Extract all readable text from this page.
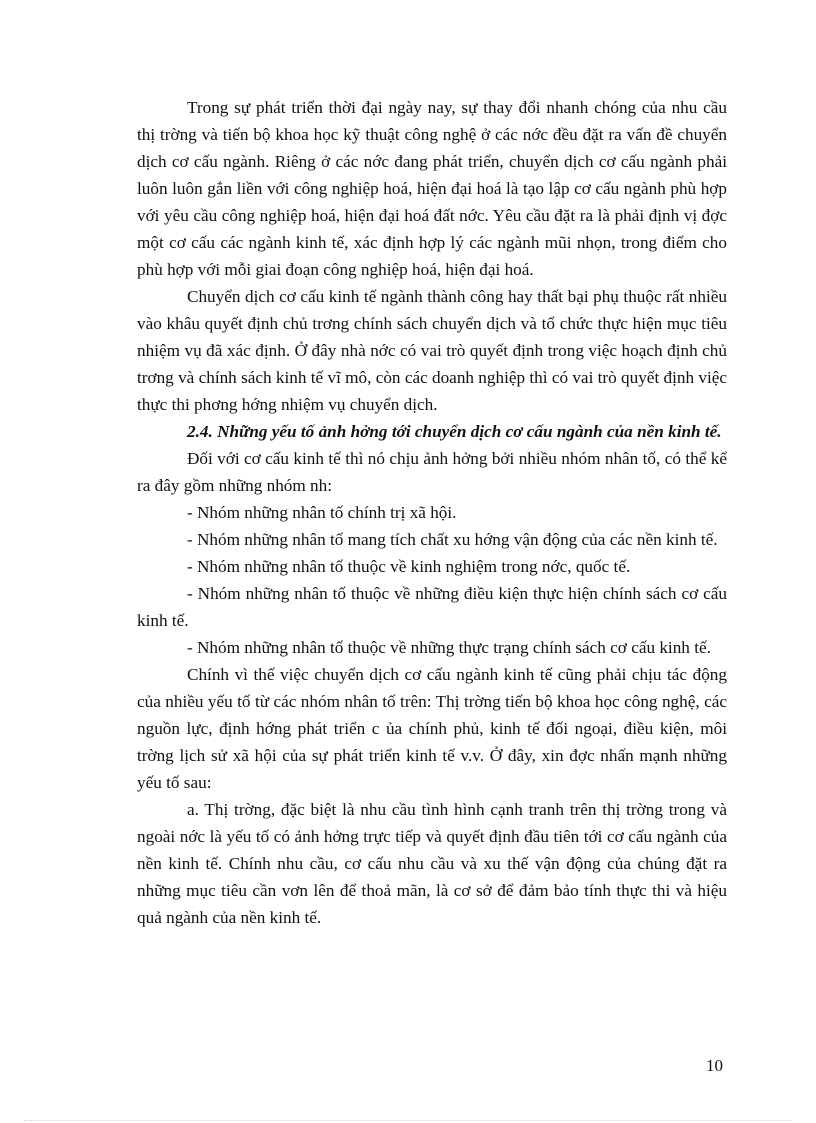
Trong sự phát triển thời đại ngày nay, sự thay đổi nhanh chóng của nhu cầu thị trờng và tiến bộ khoa học kỹ thuật công nghệ ở các nớc đều đặt ra vấn đề chuyển dịch cơ cấu ngành. Riêng ở các nớc đang phát triển, chuyển dịch cơ cấu ngành phải luôn luôn gắn liền với công nghiệp hoá, hiện đại hoá là tạo lập cơ cấu ngành phù hợp với yêu cầu công nghiệp hoá, hiện đại hoá đất nớc. Yêu cầu đặt ra là phải định vị đợc một cơ cấu các ngành kinh tế, xác định hợp lý các ngành mũi nhọn, trong điểm cho phù hợp với mỗi giai đoạn công nghiệp hoá, hiện đại hoá.

Chuyển dịch cơ cấu kinh tế ngành thành công hay thất bại phụ thuộc rất nhiều vào khâu quyết định chủ trơng chính sách chuyển dịch và tổ chức thực hiện mục tiêu nhiệm vụ đã xác định. Ở đây nhà nớc có vai trò quyết định trong việc hoạch định chủ trơng và chính sách kinh tế vĩ mô, còn các doanh nghiệp thì có vai trò quyết định việc thực thi phơng hớng nhiệm vụ chuyển dịch.

2.4. Những yếu tố ảnh hởng tới chuyển dịch cơ cấu ngành của nền kinh tế.

Đối với cơ cấu kinh tế thì nó chịu ảnh hởng bởi nhiều nhóm nhân tố, có thể kể ra đây gồm những nhóm nh:

- Nhóm những nhân tố chính trị xã hội.

- Nhóm những nhân tố mang tích chất xu hớng vận động của các nền kinh tế.

- Nhóm những nhân tố thuộc về kinh nghiệm trong nớc, quốc tế.

- Nhóm những nhân tố thuộc về những điều kiện thực hiện chính sách cơ cấu kinh tế.

- Nhóm những nhân tố thuộc về những thực trạng chính sách cơ cấu kinh tế.

Chính vì thế việc chuyển dịch cơ cấu ngành kinh tế cũng phải chịu tác động của nhiều yếu tố từ các nhóm nhân tố trên: Thị trờng tiến bộ khoa học công nghệ, các nguồn lực, định hớng phát triển c ủa chính phủ, kinh tế đối ngoại, điều kiện, môi trờng lịch sử xã hội của sự phát triển kinh tế v.v. Ở đây, xin đợc nhấn mạnh những yếu tố sau:

a. Thị trờng, đặc biệt là nhu cầu tình hình cạnh tranh trên thị trờng trong và ngoài nớc là yếu tố có ảnh hởng trực tiếp và quyết định đầu tiên tới cơ cấu ngành của nền kinh tế. Chính nhu cầu, cơ cấu nhu cầu và xu thế vận động của chúng đặt ra những mục tiêu cần vơn lên để thoả mãn, là cơ sở để đảm bảo tính thực thi và hiệu quả ngành của nền kinh tế.

10
